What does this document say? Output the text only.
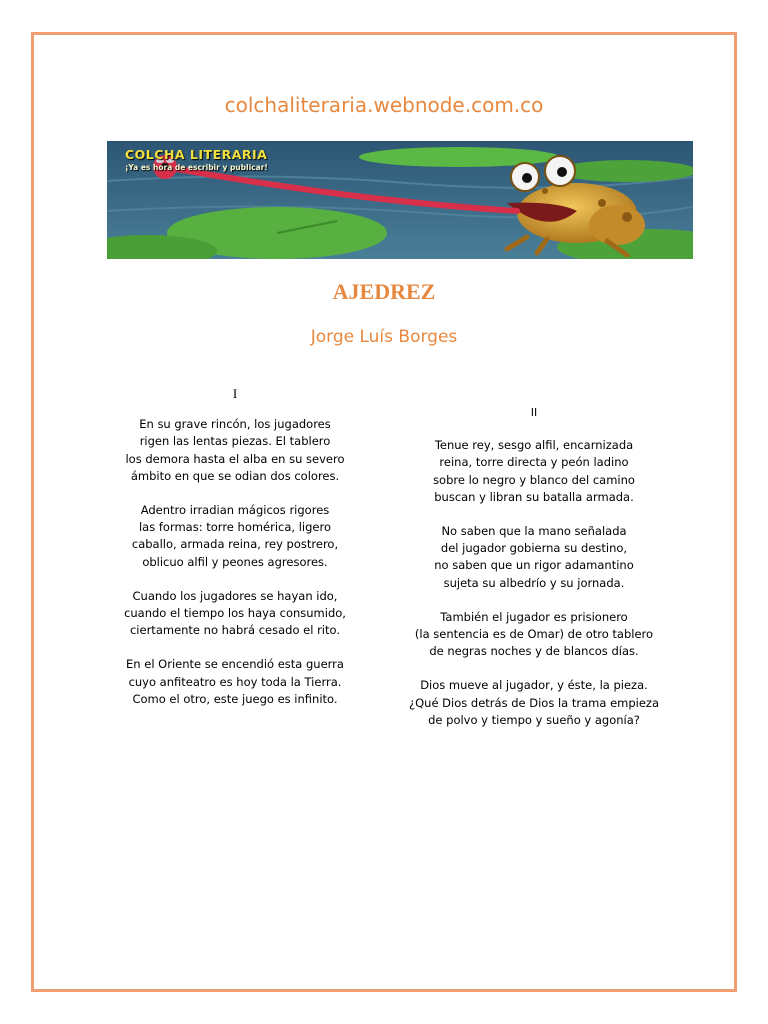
colchaliteraria.webnode.com.co
COLCHA LITERARIA
¡Ya es hora de escribir y publicar!
AJEDREZ
Jorge Luís Borges
I
En su grave rincón, los jugadores
rigen las lentas piezas. El tablero
los demora hasta el alba en su severo
ámbito en que se odian dos colores.
Adentro irradian mágicos rigores
las formas: torre homérica, ligero
caballo, armada reina, rey postrero,
oblicuo alfil y peones agresores.
Cuando los jugadores se hayan ido,
cuando el tiempo los haya consumido,
ciertamente no habrá cesado el rito.
En el Oriente se encendió esta guerra
cuyo anfiteatro es hoy toda la Tierra.
Como el otro, este juego es infinito.
II
Tenue rey, sesgo alfil, encarnizada
reina, torre directa y peón ladino
sobre lo negro y blanco del camino
buscan y libran su batalla armada.
No saben que la mano señalada
del jugador gobierna su destino,
no saben que un rigor adamantino
sujeta su albedrío y su jornada.
También el jugador es prisionero
(la sentencia es de Omar) de otro tablero
de negras noches y de blancos días.
Dios mueve al jugador, y éste, la pieza.
¿Qué Dios detrás de Dios la trama empieza
de polvo y tiempo y sueño y agonía?
